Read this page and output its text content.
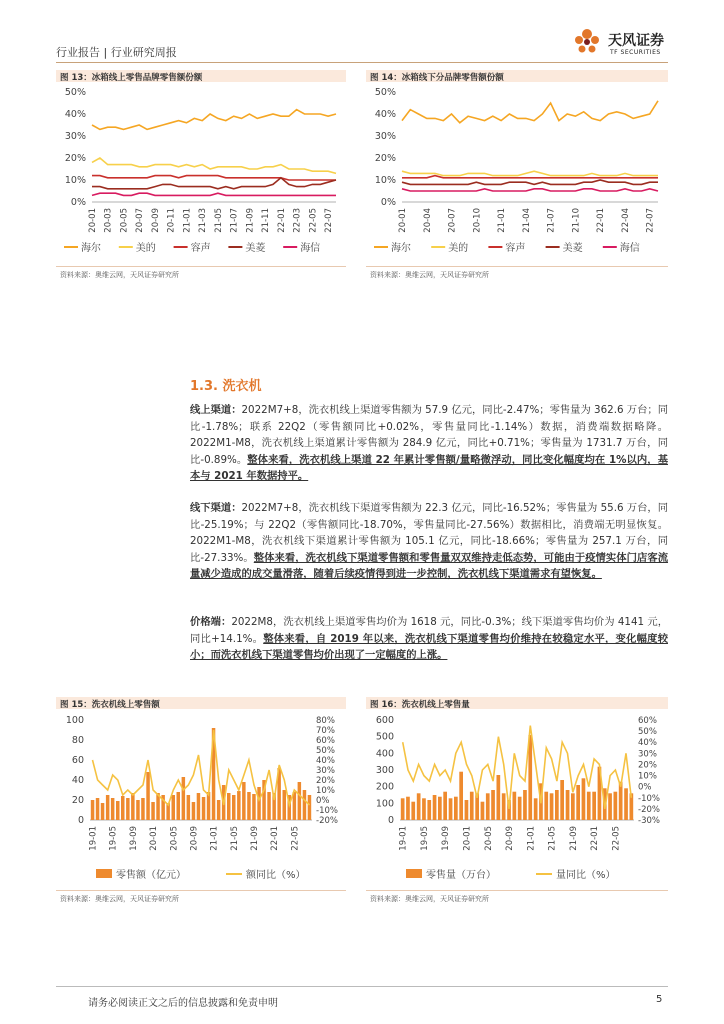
行业报告 | 行业研究周报
天风证券
TF SECURITIES
图 13：冰箱线上零售品牌零售额份额
0%
10%
20%
30%
40%
50%
20-01 20-03 20-05 20-07 20-09 20-11 21-01 21-03 21-05 21-07 21-09 21-11 22-01 22-03 22-05 22-07
海尔	美的	容声	美菱	海信
资料来源：奥维云网，天风证券研究所
图 14：冰箱线下分品牌零售额份额
0%
10%
20%
30%
40%
50%
20-01 20-04 20-07 20-10 21-01 21-04 21-07 21-10 22-01 22-04 22-07
海尔	美的	容声	美菱	海信
资料来源：奥维云网，天风证券研究所
1.3. 洗衣机
线上渠道：2022M7+8，洗衣机线上渠道零售额为 57.9 亿元，同比-2.47%；零售量为 362.6 万台；同比-1.78%；联系 22Q2（零售额同比+0.02%，零售量同比-1.14%）数据，消费端数据略降。2022M1-M8，洗衣机线上渠道累计零售额为 284.9 亿元，同比+0.71%；零售量为 1731.7 万台，同比-0.89%。整体来看，洗衣机线上渠道 22 年累计零售额/量略微浮动，同比变化幅度均在 1%以内，基本与 2021 年数据持平。
线下渠道：2022M7+8，洗衣机线下渠道零售额为 22.3 亿元，同比-16.52%；零售量为 55.6 万台，同比-25.19%；与 22Q2（零售额同比-18.70%，零售量同比-27.56%）数据相比，消费端无明显恢复。2022M1-M8，洗衣机线下渠道累计零售额为 105.1 亿元，同比-18.66%；零售量为 257.1 万台，同比-27.33%。整体来看，洗衣机线下渠道零售额和零售量双双维持走低态势，可能由于疫情实体门店客流量减少造成的成交量滑落，随着后续疫情得到进一步控制，洗衣机线下渠道需求有望恢复。
价格端：2022M8，洗衣机线上渠道零售均价为 1618 元，同比-0.3%；线下渠道零售均价为 4141 元，同比+14.1%。整体来看，自 2019 年以来，洗衣机线下渠道零售均价维持在较稳定水平，变化幅度较小；而洗衣机线下渠道零售均价出现了一定幅度的上涨。
图 15：洗衣机线上零售额
0
20
40
60
80
100
-20%
-10%
0%
10%
20%
30%
40%
50%
60%
70%
80%
19-01 19-05 19-09 20-01 20-05 20-09 21-01 21-05 21-09 22-01 22-05
零售额（亿元）	额同比（%）
资料来源：奥维云网，天风证券研究所
图 16：洗衣机线上零售量
0
100
200
300
400
500
600
-30%
-20%
-10%
0%
10%
20%
30%
40%
50%
60%
19-01 19-05 19-09 20-01 20-05 20-09 21-01 21-05 21-09 22-01 22-05
零售量（万台）	量同比（%）
资料来源：奥维云网，天风证券研究所
请务必阅读正文之后的信息披露和免责申明	5
